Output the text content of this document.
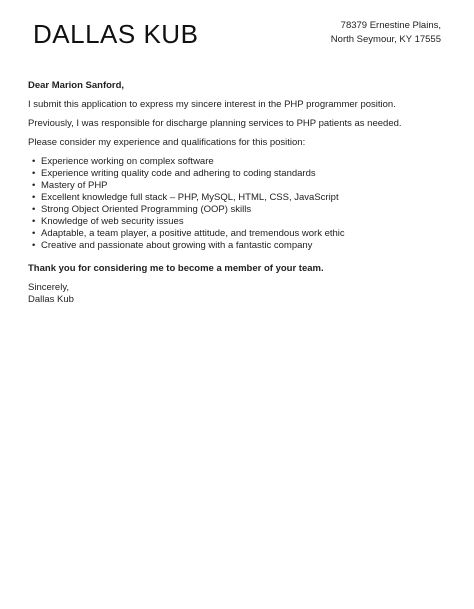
DALLAS KUB	78379 Ernestine Plains,
North Seymour, KY 17555

Dear Marion Sanford,

I submit this application to express my sincere interest in the PHP programmer position.

Previously, I was responsible for discharge planning services to PHP patients as needed.

Please consider my experience and qualifications for this position:

• Experience working on complex software
• Experience writing quality code and adhering to coding standards
• Mastery of PHP
• Excellent knowledge full stack – PHP, MySQL, HTML, CSS, JavaScript
• Strong Object Oriented Programming (OOP) skills
• Knowledge of web security issues
• Adaptable, a team player, a positive attitude, and tremendous work ethic
• Creative and passionate about growing with a fantastic company

Thank you for considering me to become a member of your team.

Sincerely,

Dallas Kub
